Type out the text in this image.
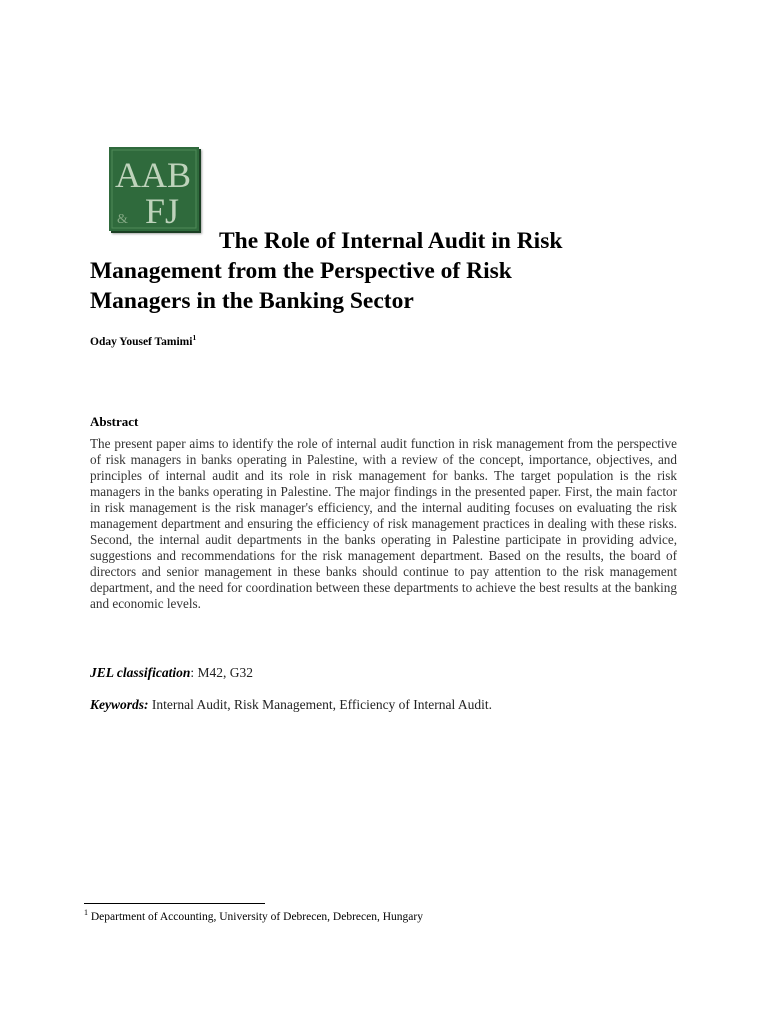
AAB
FJ
&
The Role of Internal Audit in Risk
Management from the Perspective of Risk
Managers in the Banking Sector
Oday Yousef Tamimi$^1$
Abstract

The present paper aims to identify the role of internal audit function in risk management from the perspective of risk managers in banks operating in Palestine, with a review of the concept, importance, objectives, and principles of internal audit and its role in risk management for banks. The target population is the risk managers in the banks operating in Palestine. The major findings in the presented paper. First, the main factor in risk management is the risk manager's efficiency, and the internal auditing focuses on evaluating the risk management department and ensuring the efficiency of risk management practices in dealing with these risks. Second, the internal audit departments in the banks operating in Palestine participate in providing advice, suggestions and recommendations for the risk management department. Based on the results, the board of directors and senior management in these banks should continue to pay attention to the risk management department, and the need for coordination between these departments to achieve the best results at the banking and economic levels.

JEL classification: M42, G32
Keywords: Internal Audit, Risk Management, Efficiency of Internal Audit.
$^1$ Department of Accounting, University of Debrecen, Debrecen, Hungary
